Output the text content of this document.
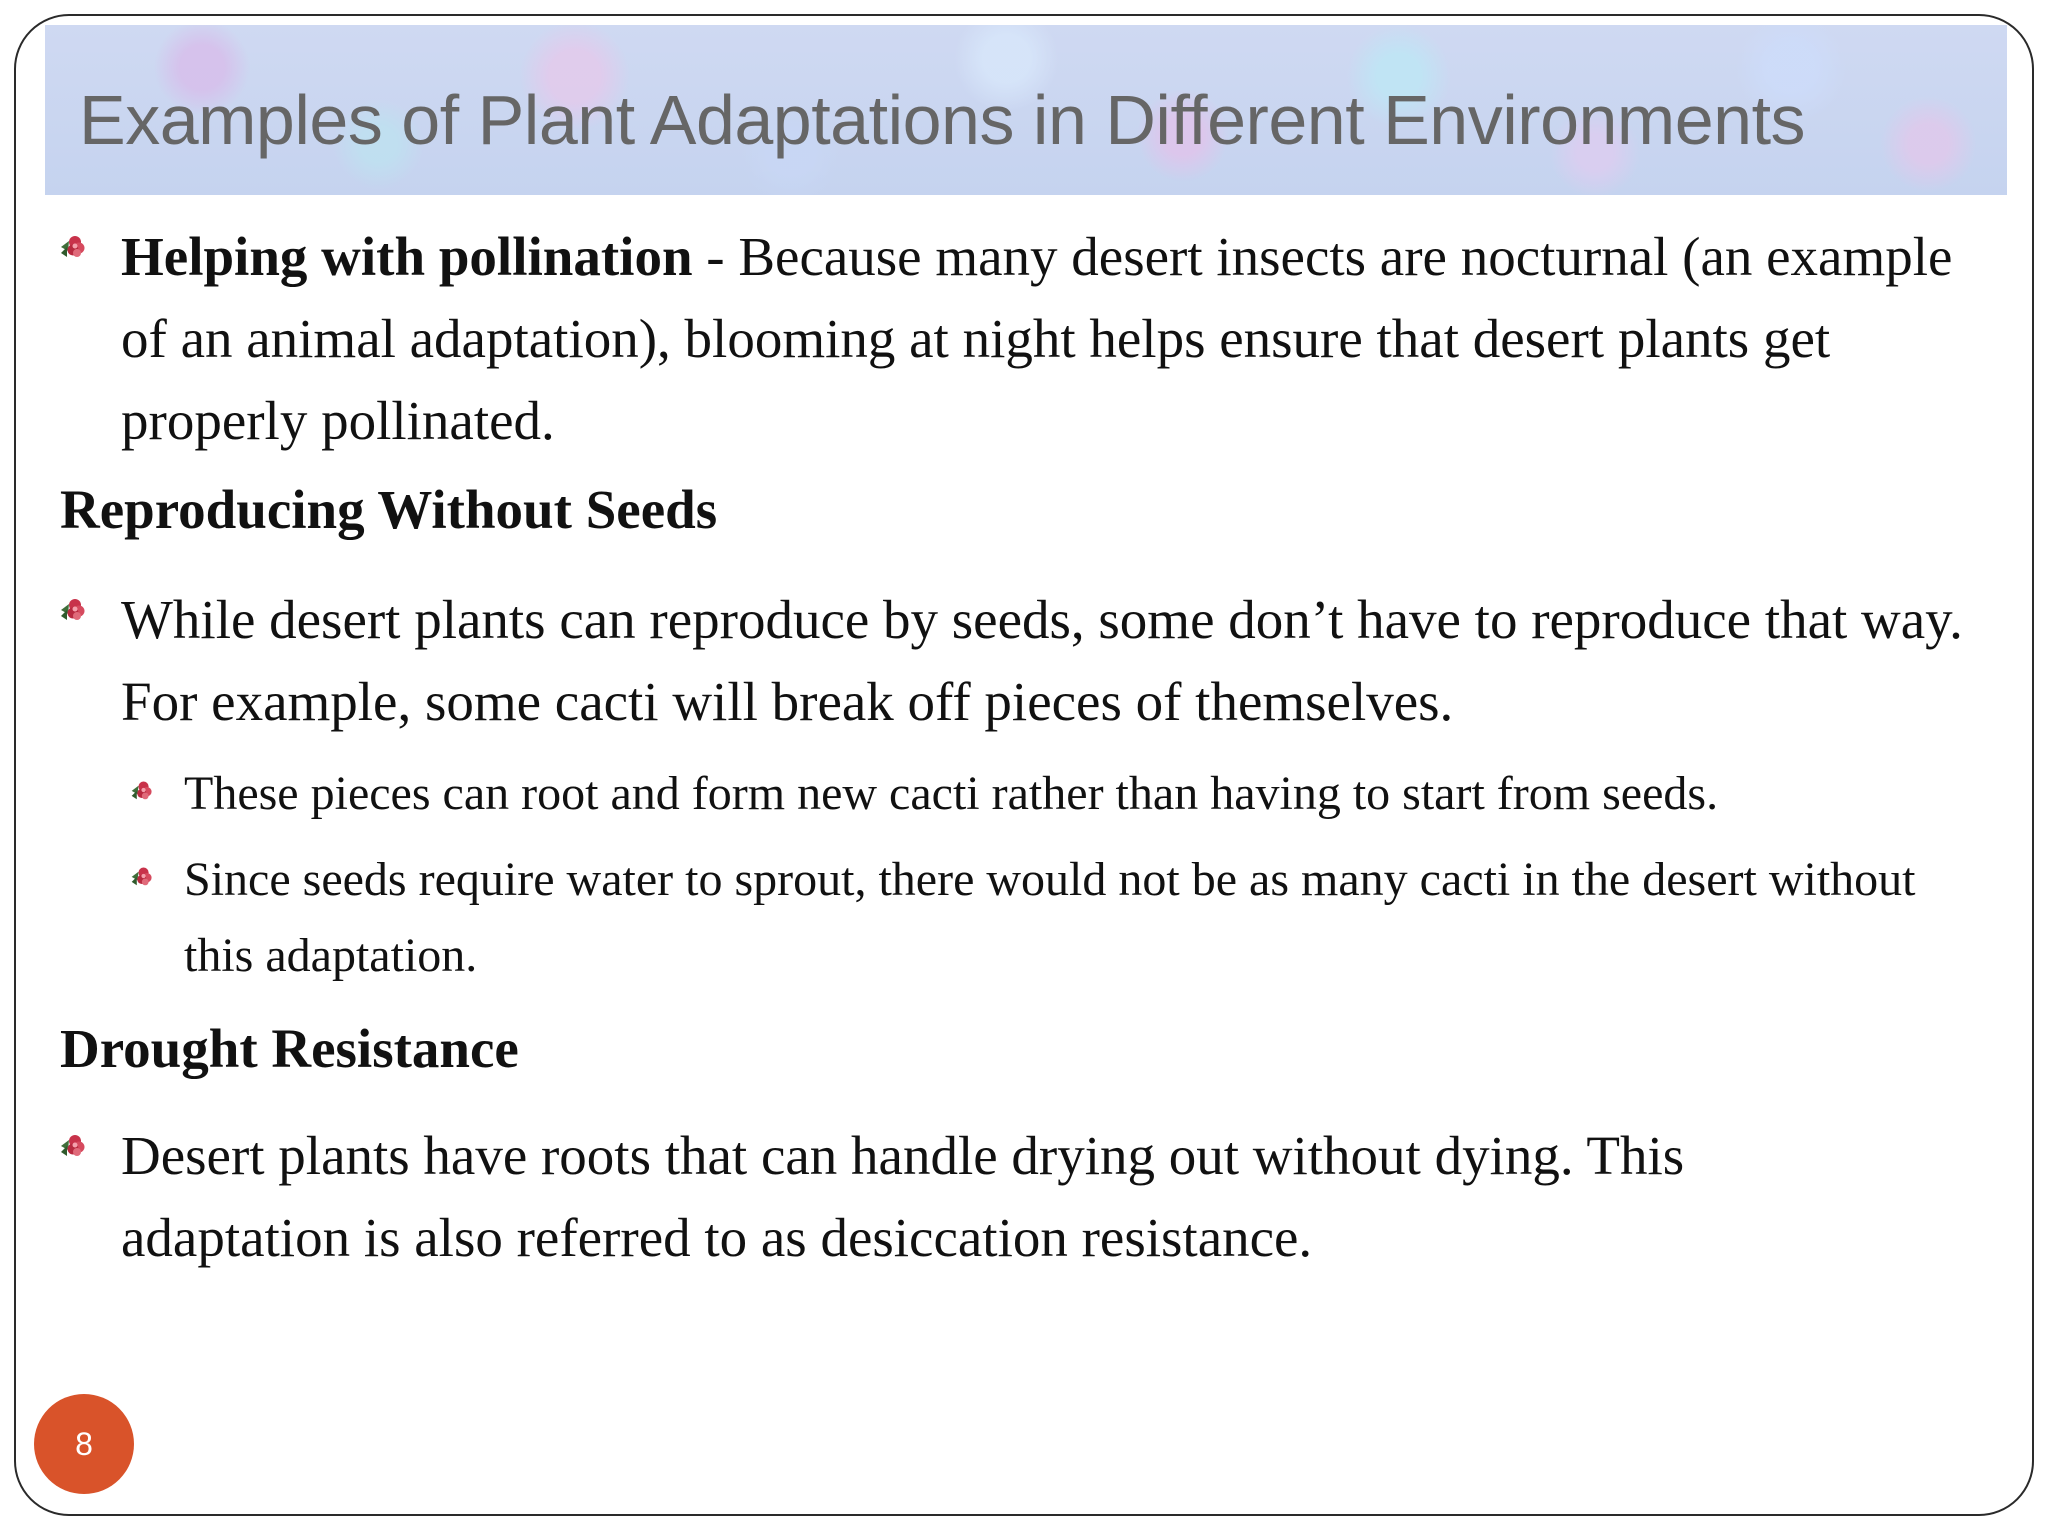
Examples of Plant Adaptations in Different Environments

Helping with pollination - Because many desert insects are nocturnal (an example of an animal adaptation), blooming at night helps ensure that desert plants get properly pollinated.

Reproducing Without Seeds

While desert plants can reproduce by seeds, some don’t have to reproduce that way. For example, some cacti will break off pieces of themselves.

These pieces can root and form new cacti rather than having to start from seeds.

Since seeds require water to sprout, there would not be as many cacti in the desert without this adaptation.

Drought Resistance

Desert plants have roots that can handle drying out without dying. This adaptation is also referred to as desiccation resistance.

8
